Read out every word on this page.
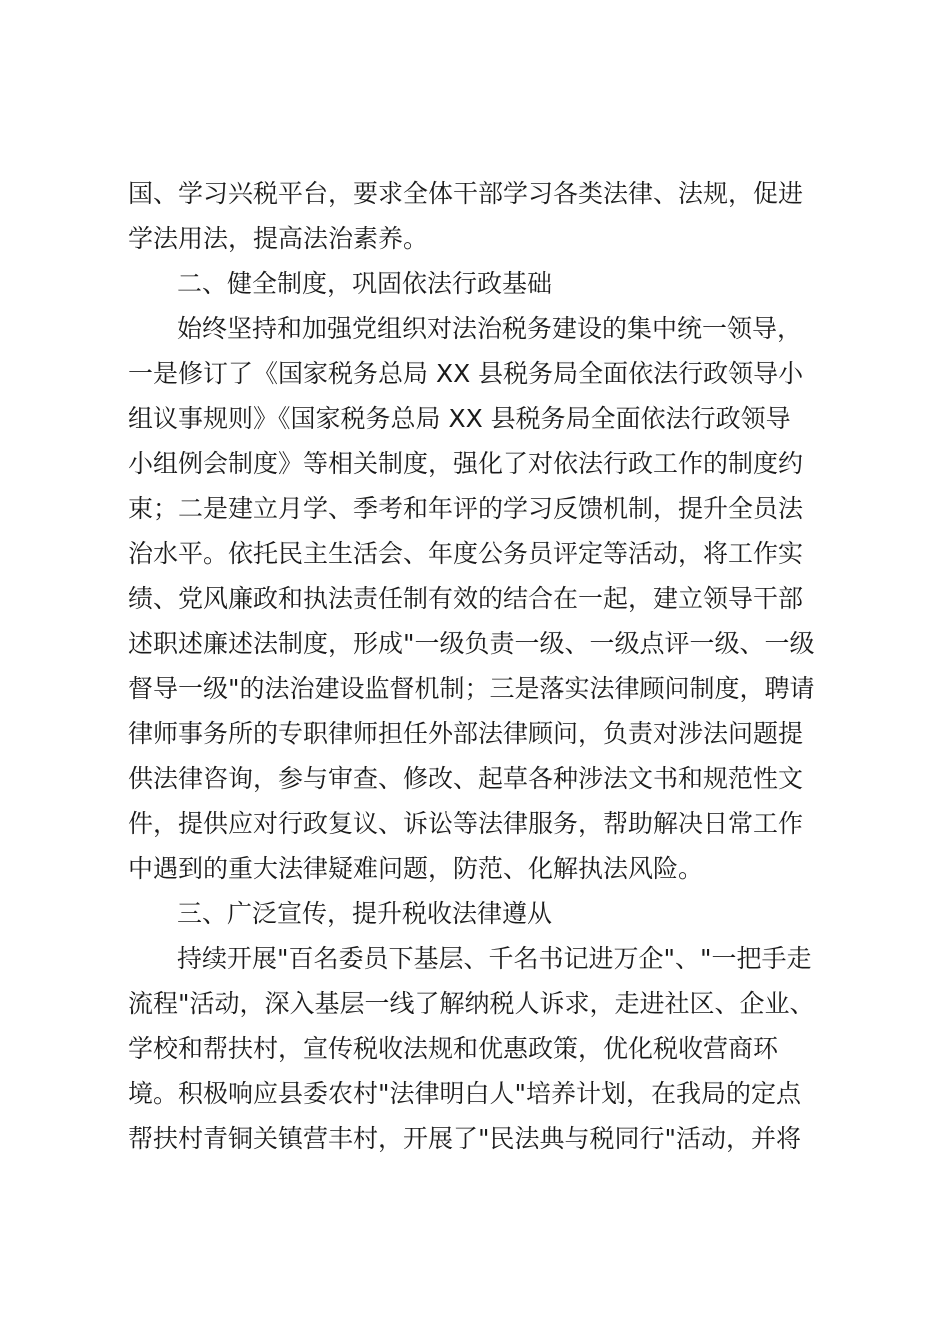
国、学习兴税平台，要求全体干部学习各类法律、法规，促进
学法用法，提高法治素养。
二、健全制度，巩固依法行政基础
始终坚持和加强党组织对法治税务建设的集中统一领导，
一是修订了《国家税务总局 XX 县税务局全面依法行政领导小
组议事规则》《国家税务总局 XX 县税务局全面依法行政领导
小组例会制度》等相关制度，强化了对依法行政工作的制度约
束；二是建立月学、季考和年评的学习反馈机制，提升全员法
治水平。依托民主生活会、年度公务员评定等活动，将工作实
绩、党风廉政和执法责任制有效的结合在一起，建立领导干部
述职述廉述法制度，形成"一级负责一级、一级点评一级、一级
督导一级"的法治建设监督机制；三是落实法律顾问制度，聘请
律师事务所的专职律师担任外部法律顾问，负责对涉法问题提
供法律咨询，参与审查、修改、起草各种涉法文书和规范性文
件，提供应对行政复议、诉讼等法律服务，帮助解决日常工作
中遇到的重大法律疑难问题，防范、化解执法风险。
三、广泛宣传，提升税收法律遵从
持续开展"百名委员下基层、千名书记进万企"、"一把手走
流程"活动，深入基层一线了解纳税人诉求，走进社区、企业、
学校和帮扶村，宣传税收法规和优惠政策，优化税收营商环
境。积极响应县委农村"法律明白人"培养计划，在我局的定点
帮扶村青铜关镇营丰村，开展了"民法典与税同行"活动，并将
